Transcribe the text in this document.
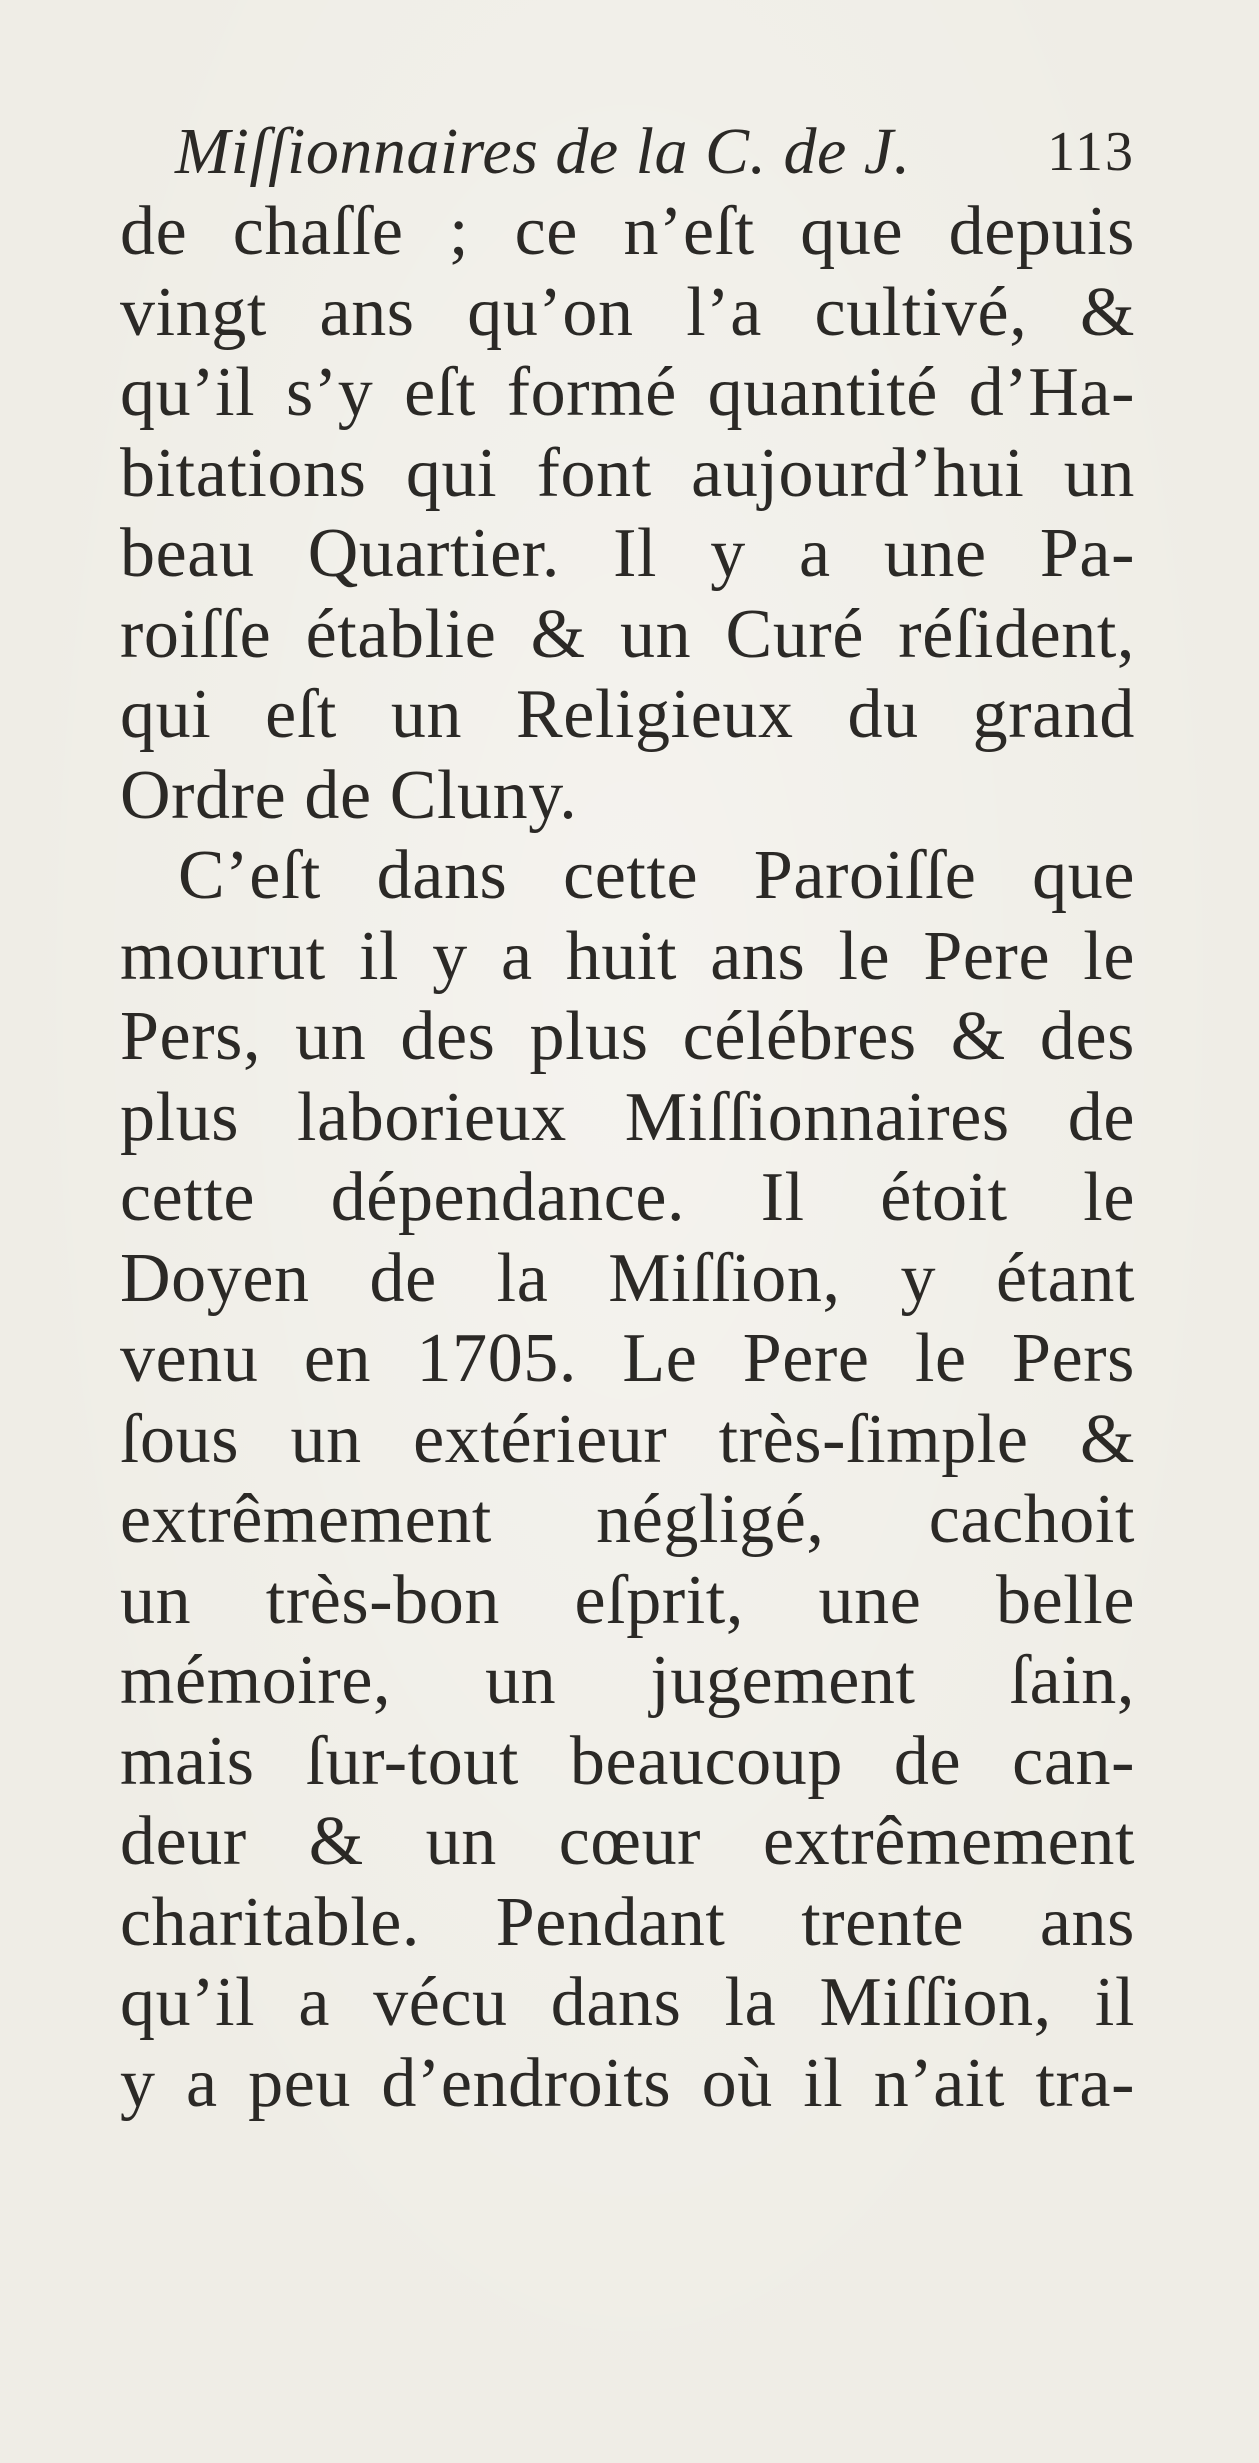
Miſſionnaires de la C. de J. 113
de chaſſe ; ce n’eſt que depuis
vingt ans qu’on l’a cultivé, &
qu’il s’y eſt formé quantité d’Ha-
bitations qui font aujourd’hui un
beau Quartier. Il y a une Pa-
roiſſe établie & un Curé réſident,
qui eſt un Religieux du grand
Ordre de Cluny.
C’eſt dans cette Paroiſſe que
mourut il y a huit ans le Pere le
Pers, un des plus célébres & des
plus laborieux Miſſionnaires de
cette dépendance. Il étoit le
Doyen de la Miſſion, y étant
venu en 1705. Le Pere le Pers
ſous un extérieur très-ſimple &
extrêmement négligé, cachoit
un très-bon eſprit, une belle
mémoire, un jugement ſain,
mais ſur-tout beaucoup de can-
deur & un cœur extrêmement
charitable. Pendant trente ans
qu’il a vécu dans la Miſſion, il
y a peu d’endroits où il n’ait tra-
